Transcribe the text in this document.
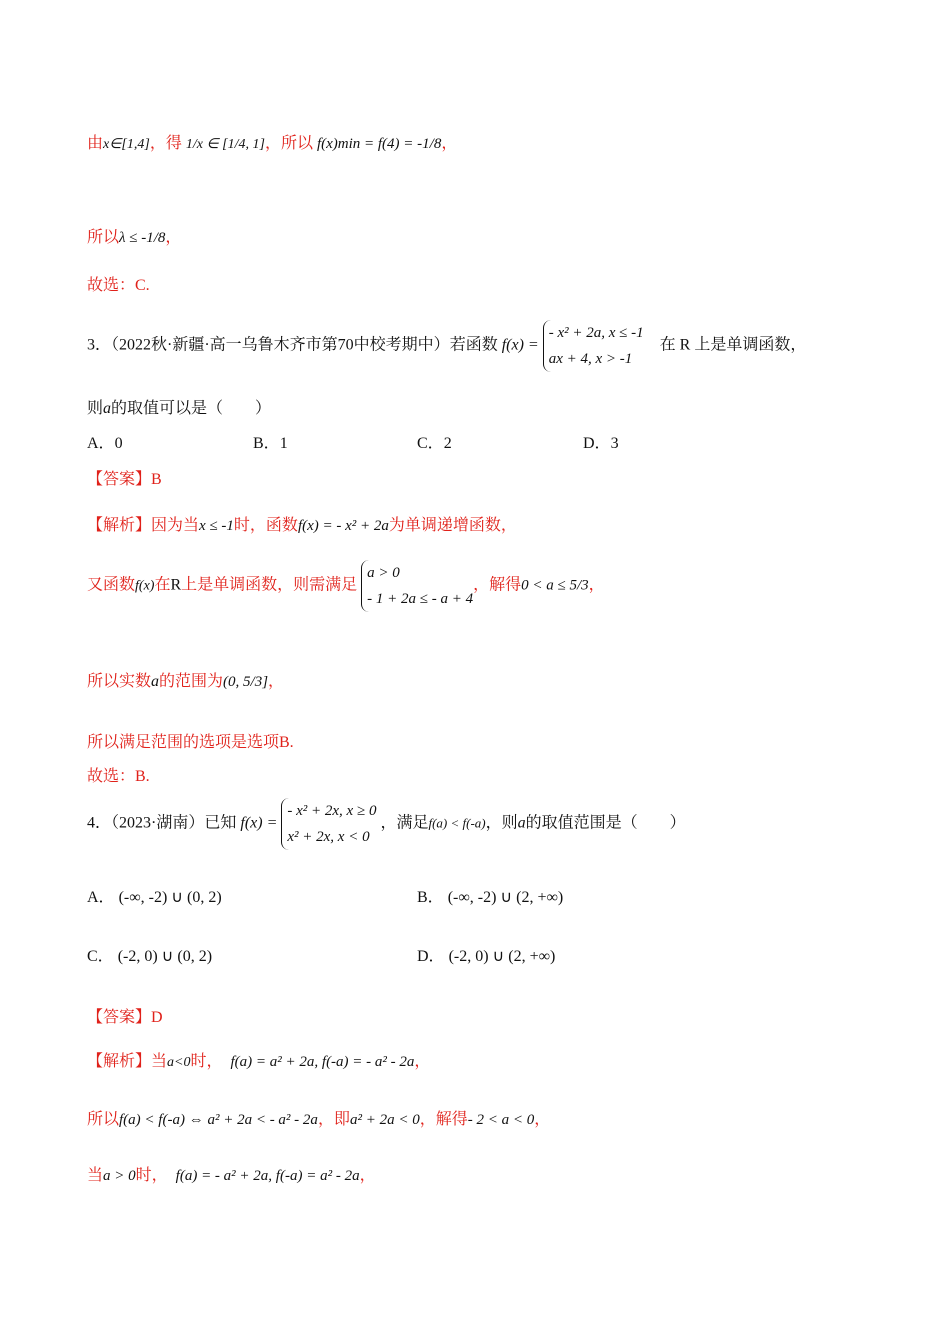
由x∈[1,4]，得 1/x ∈ [1/4, 1]，所以 f(x)min = f(4) = -1/8，
所以λ ≤ -1/8，
故选：C.
3．（2022秋·新疆·高一乌鲁木齐市第70中校考期中）若函数 f(x) =
- x² + 2a, x ≤ -1
ax + 4, x > -1
在 R 上是单调函数，
则a的取值可以是（　　）
A．0	B．1	C．2	D．3
【答案】B
【解析】因为当x ≤ -1时，函数f(x) = - x² + 2a为单调递增函数，
又函数f(x)在R上是单调函数，则需满足
a > 0
- 1 + 2a ≤ - a + 4
，解得0 < a ≤ 5/3，
所以实数a的范围为(0, 5/3]，
所以满足范围的选项是选项B.
故选：B.
4．（2023·湖南）已知 f(x) =
- x² + 2x, x ≥ 0
x² + 2x, x < 0
，满足f(a) < f(-a)，则a的取值范围是（　　）
A． (-∞, -2) ∪ (0, 2)	B． (-∞, -2) ∪ (2, +∞)
C． (-2, 0) ∪ (0, 2)	D． (-2, 0) ∪ (2, +∞)
【答案】D
【解析】当a<0时， f(a) = a² + 2a, f(-a) = - a² - 2a，
所以f(a) < f(-a) ⇔ a² + 2a < - a² - 2a，即a² + 2a < 0，解得- 2 < a < 0，
当a > 0时， f(a) = - a² + 2a, f(-a) = a² - 2a，
